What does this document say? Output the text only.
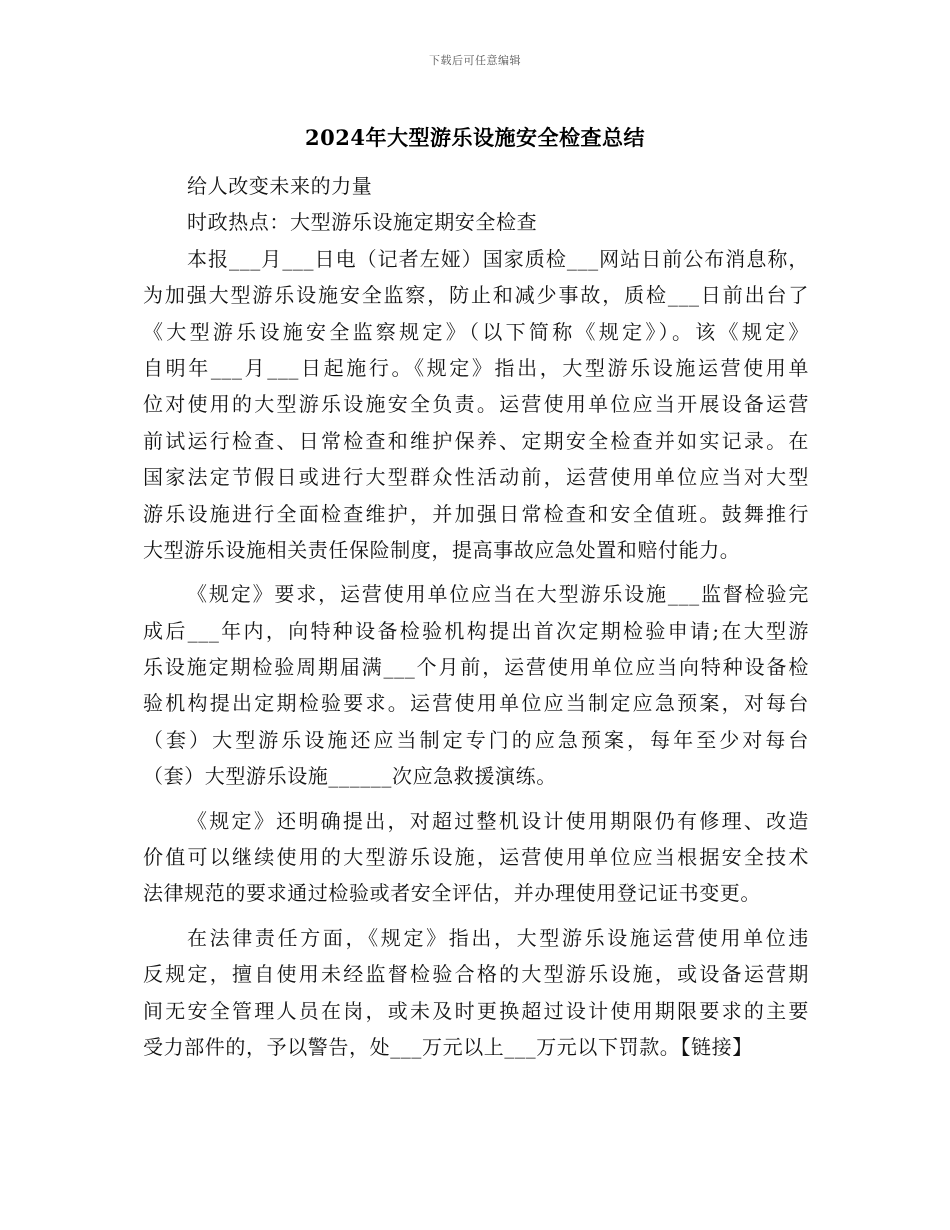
下载后可任意编辑
2024年大型游乐设施安全检查总结
给人改变未来的力量
时政热点：大型游乐设施定期安全检查
本报___月___日电（记者左娅）国家质检___网站日前公布消息称，
为加强大型游乐设施安全监察，防止和减少事故，质检___日前出台了
《大型游乐设施安全监察规定》（以下简称《规定》）。该《规定》
自明年___月___日起施行。《规定》指出，大型游乐设施运营使用单
位对使用的大型游乐设施安全负责。运营使用单位应当开展设备运营
前试运行检查、日常检查和维护保养、定期安全检查并如实记录。在
国家法定节假日或进行大型群众性活动前，运营使用单位应当对大型
游乐设施进行全面检查维护，并加强日常检查和安全值班。鼓舞推行
大型游乐设施相关责任保险制度，提高事故应急处置和赔付能力。
《规定》要求，运营使用单位应当在大型游乐设施___监督检验完
成后___年内，向特种设备检验机构提出首次定期检验申请;在大型游
乐设施定期检验周期届满___个月前，运营使用单位应当向特种设备检
验机构提出定期检验要求。运营使用单位应当制定应急预案，对每台
（套）大型游乐设施还应当制定专门的应急预案，每年至少对每台
（套）大型游乐设施______次应急救援演练。
《规定》还明确提出，对超过整机设计使用期限仍有修理、改造
价值可以继续使用的大型游乐设施，运营使用单位应当根据安全技术
法律规范的要求通过检验或者安全评估，并办理使用登记证书变更。
在法律责任方面，《规定》指出，大型游乐设施运营使用单位违
反规定，擅自使用未经监督检验合格的大型游乐设施，或设备运营期
间无安全管理人员在岗，或未及时更换超过设计使用期限要求的主要
受力部件的，予以警告，处___万元以上___万元以下罚款。【链接】
